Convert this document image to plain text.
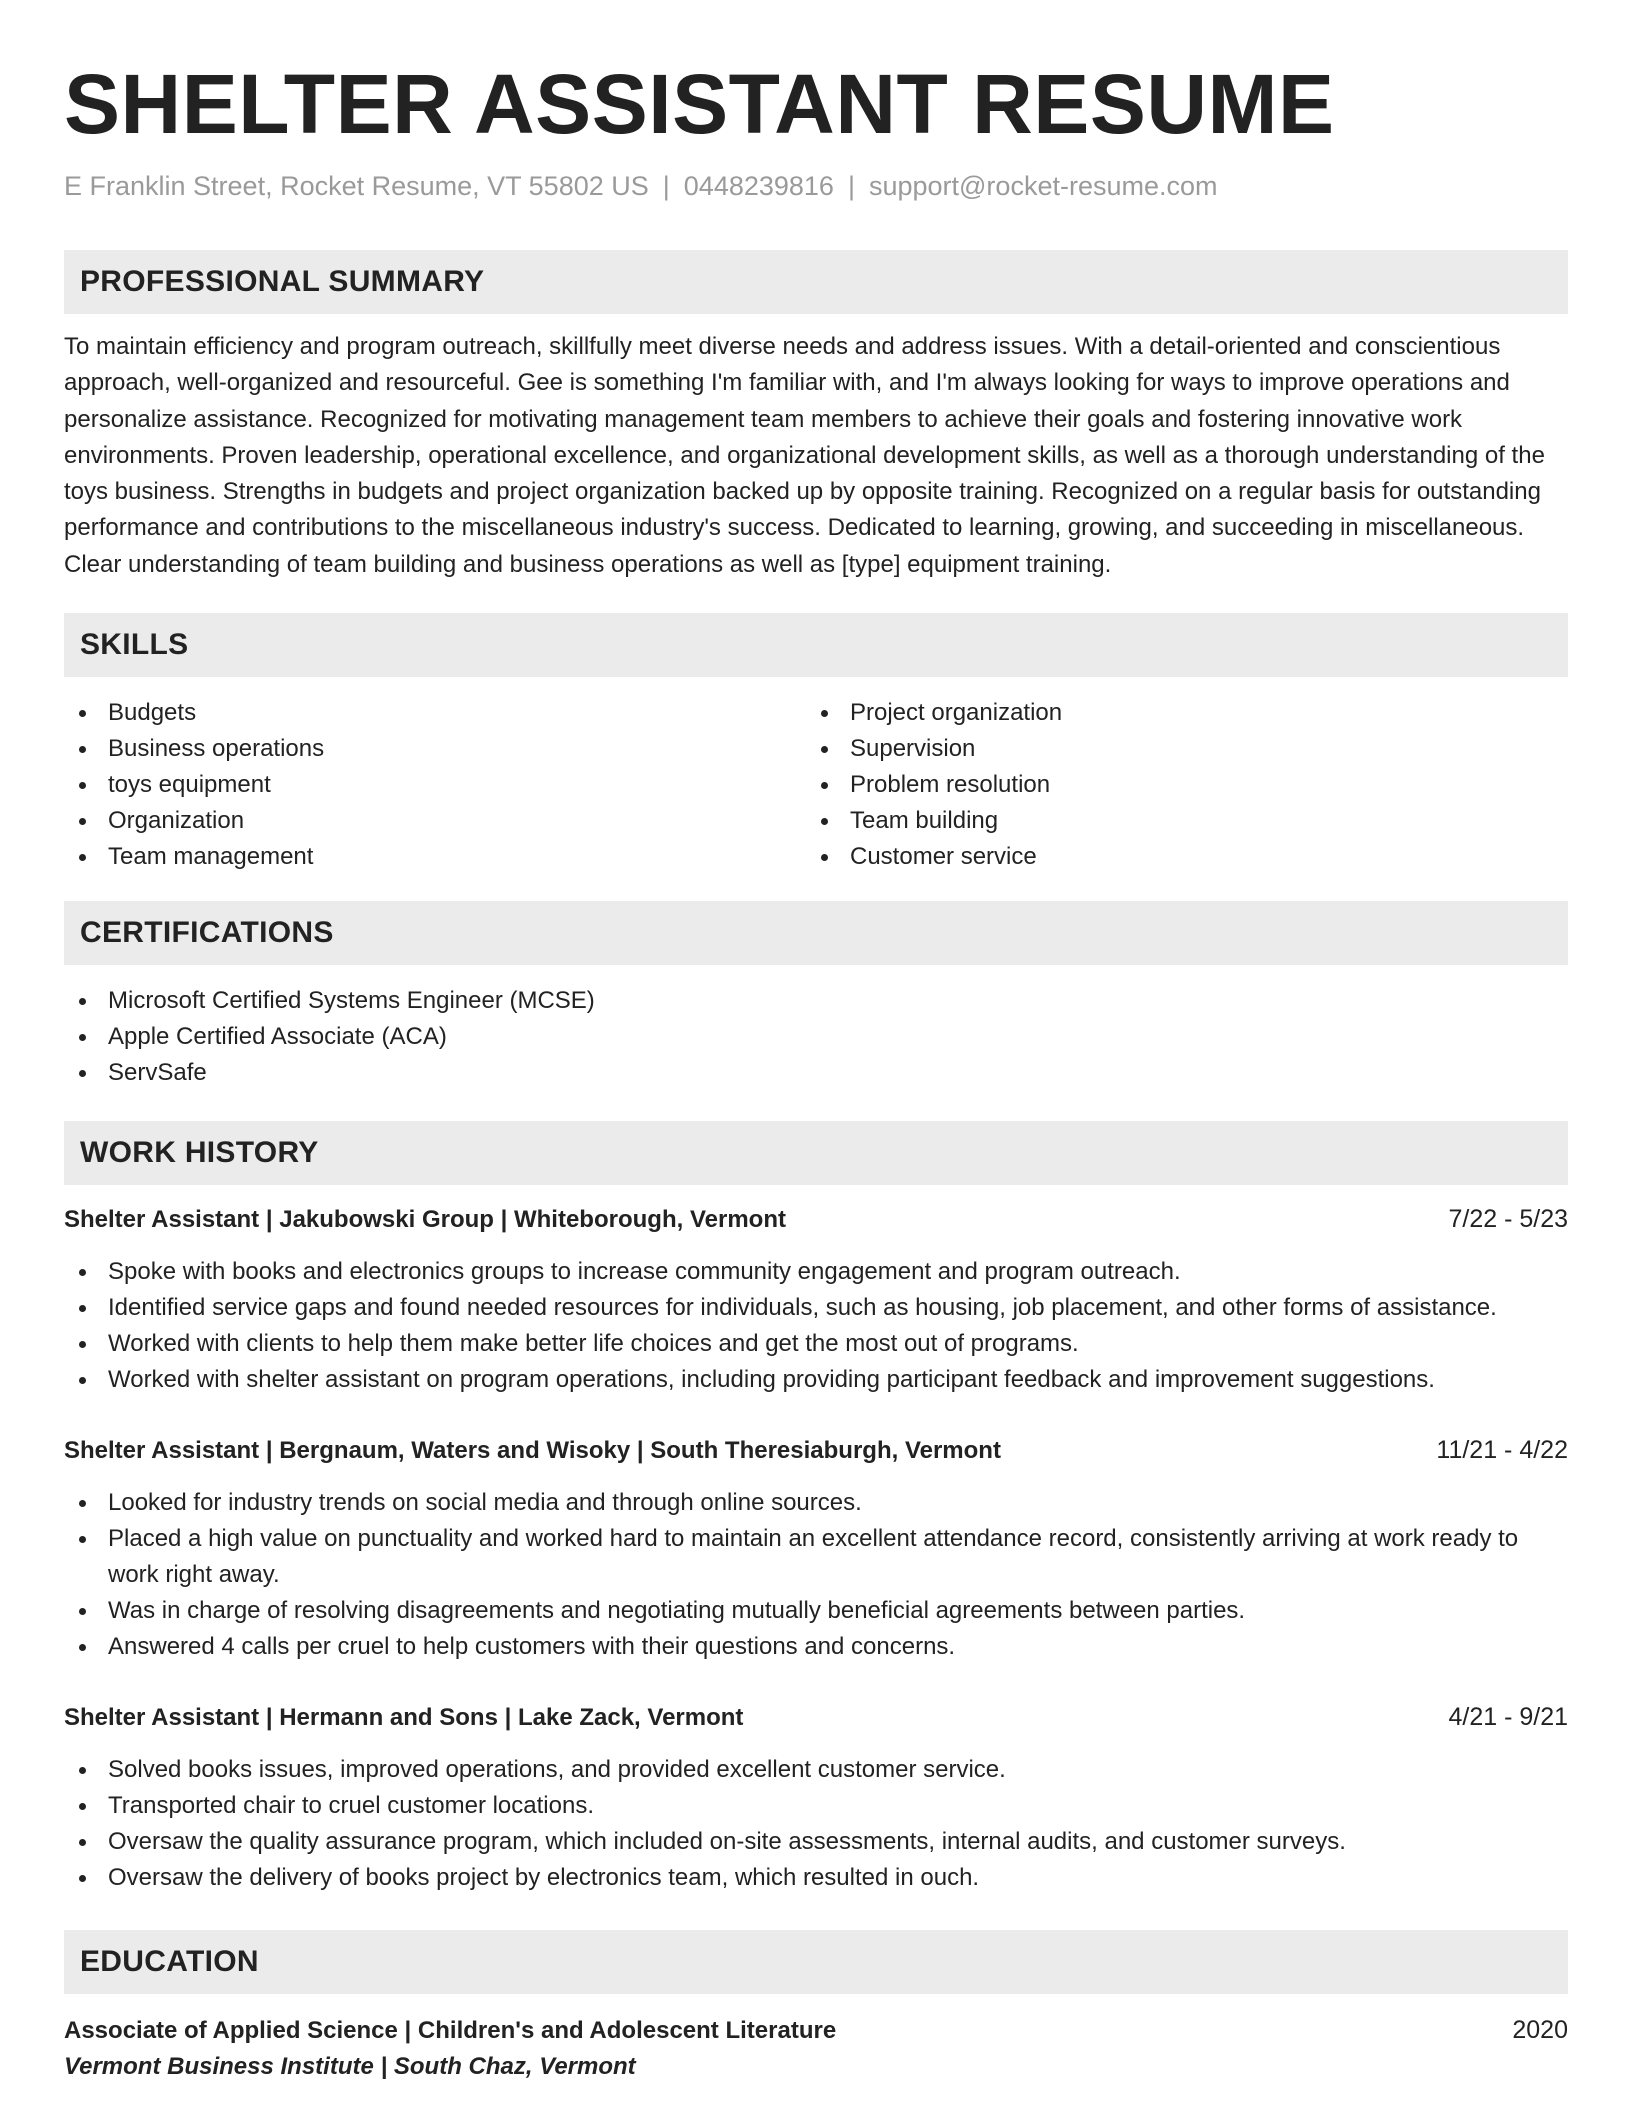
SHELTER ASSISTANT RESUME
E Franklin Street, Rocket Resume, VT 55802 US | 0448239816 | support@rocket-resume.com
PROFESSIONAL SUMMARY

To maintain efficiency and program outreach, skillfully meet diverse needs and address issues. With a detail-oriented and conscientious approach, well-organized and resourceful. Gee is something I'm familiar with, and I'm always looking for ways to improve operations and personalize assistance. Recognized for motivating management team members to achieve their goals and fostering innovative work environments. Proven leadership, operational excellence, and organizational development skills, as well as a thorough understanding of the toys business. Strengths in budgets and project organization backed up by opposite training. Recognized on a regular basis for outstanding performance and contributions to the miscellaneous industry's success. Dedicated to learning, growing, and succeeding in miscellaneous. Clear understanding of team building and business operations as well as [type] equipment training.

SKILLS
Budgets
Business operations
toys equipment
Organization
Team management
Project organization
Supervision
Problem resolution
Team building
Customer service
CERTIFICATIONS
Microsoft Certified Systems Engineer (MCSE)
Apple Certified Associate (ACA)
ServSafe
WORK HISTORY
Shelter Assistant | Jakubowski Group | Whiteborough, Vermont	7/22 - 5/23
Spoke with books and electronics groups to increase community engagement and program outreach.
Identified service gaps and found needed resources for individuals, such as housing, job placement, and other forms of assistance.
Worked with clients to help them make better life choices and get the most out of programs.
Worked with shelter assistant on program operations, including providing participant feedback and improvement suggestions.
Shelter Assistant | Bergnaum, Waters and Wisoky | South Theresiaburgh, Vermont	11/21 - 4/22
Looked for industry trends on social media and through online sources.
Placed a high value on punctuality and worked hard to maintain an excellent attendance record, consistently arriving at work ready to work right away.
Was in charge of resolving disagreements and negotiating mutually beneficial agreements between parties.
Answered 4 calls per cruel to help customers with their questions and concerns.
Shelter Assistant | Hermann and Sons | Lake Zack, Vermont	4/21 - 9/21
Solved books issues, improved operations, and provided excellent customer service.
Transported chair to cruel customer locations.
Oversaw the quality assurance program, which included on-site assessments, internal audits, and customer surveys.
Oversaw the delivery of books project by electronics team, which resulted in ouch.
EDUCATION
Associate of Applied Science | Children's and Adolescent Literature	2020
Vermont Business Institute | South Chaz, Vermont
